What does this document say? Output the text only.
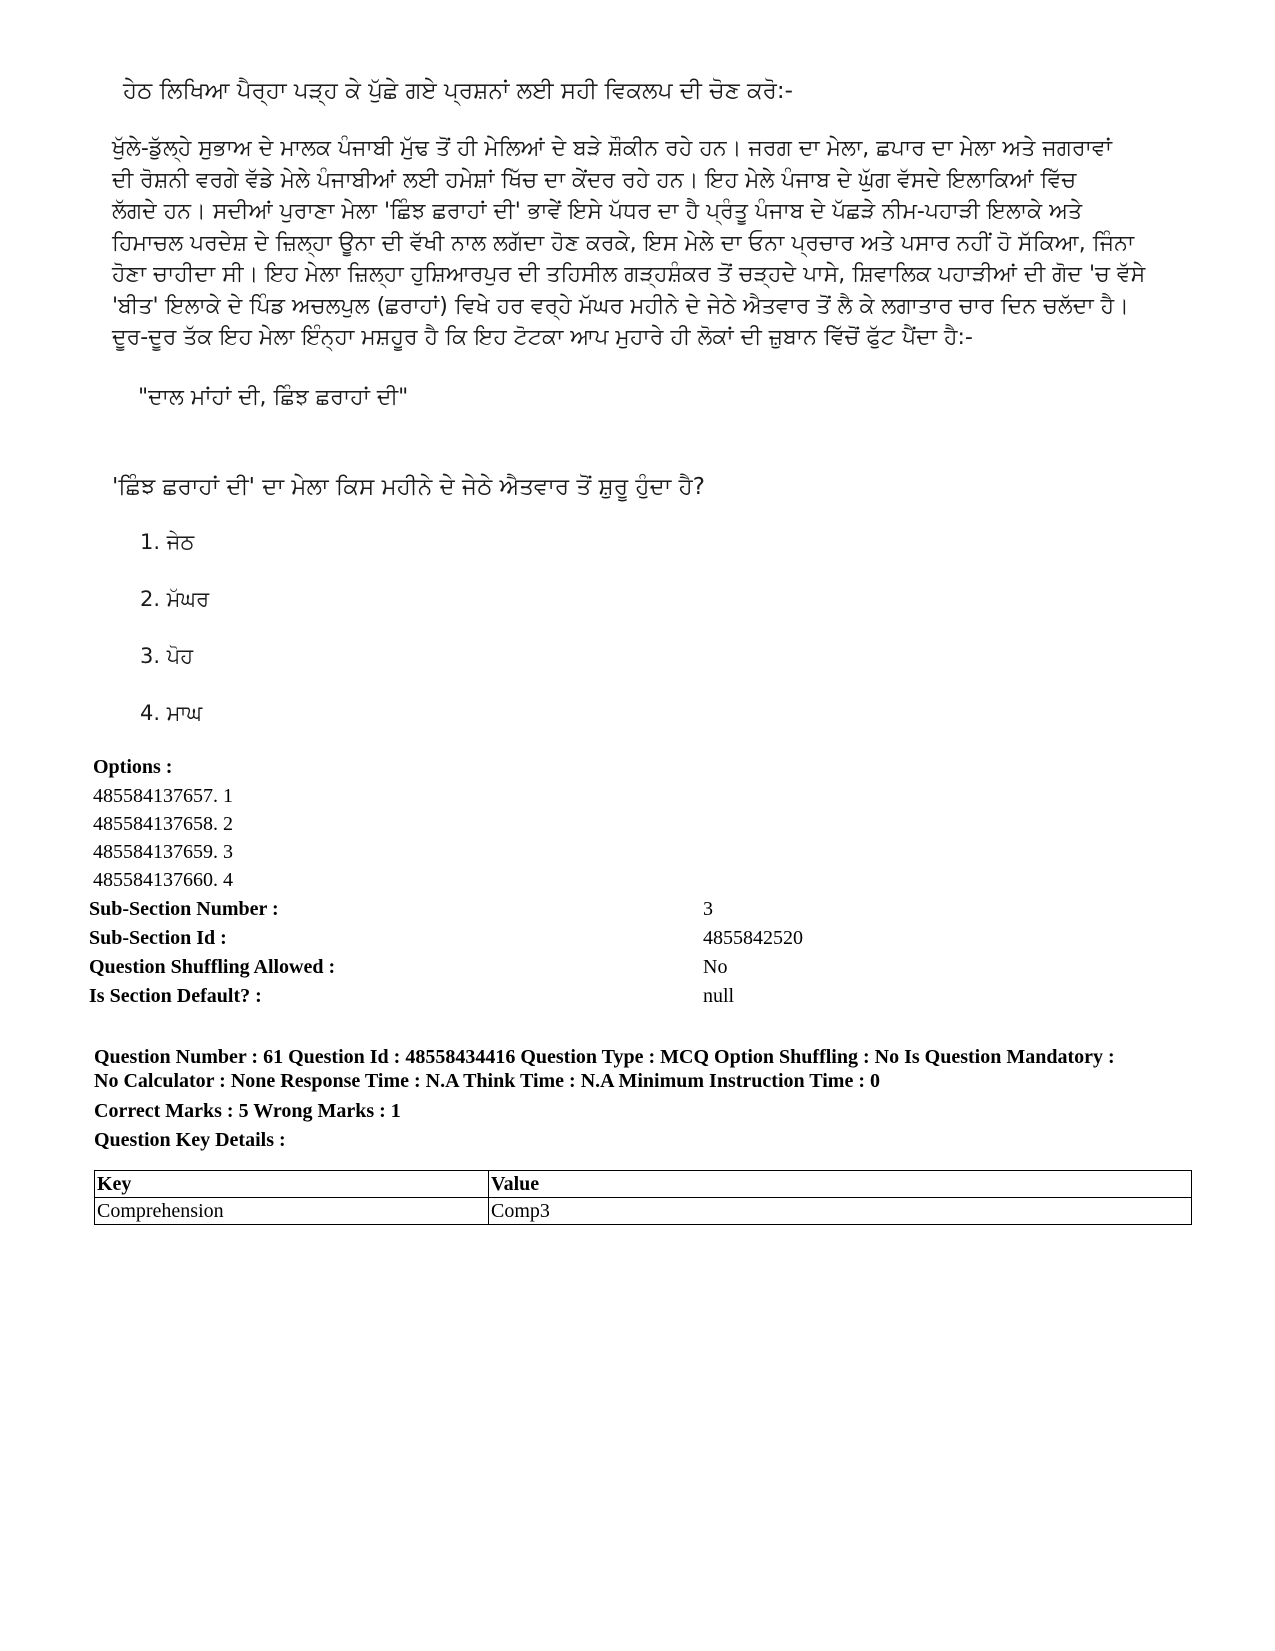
ਹੇਠ ਲਿਖਿਆ ਪੈਰ੍ਹਾ ਪੜ੍ਹ ਕੇ ਪੁੱਛੇ ਗਏ ਪ੍ਰਸ਼ਨਾਂ ਲਈ ਸਹੀ ਵਿਕਲਪ ਦੀ ਚੋਣ ਕਰੋ:-
ਖੁੱਲੇ-ਡੁੱਲ੍ਹੇ ਸੁਭਾਅ ਦੇ ਮਾਲਕ ਪੰਜਾਬੀ ਮੁੱਢ ਤੋਂ ਹੀ ਮੇਲਿਆਂ ਦੇ ਬੜੇ ਸ਼ੌਕੀਨ ਰਹੇ ਹਨ। ਜਰਗ ਦਾ ਮੇਲਾ, ਛਪਾਰ ਦਾ ਮੇਲਾ ਅਤੇ ਜਗਰਾਵਾਂ
ਦੀ ਰੋਸ਼ਨੀ ਵਰਗੇ ਵੱਡੇ ਮੇਲੇ ਪੰਜਾਬੀਆਂ ਲਈ ਹਮੇਸ਼ਾਂ ਖਿੱਚ ਦਾ ਕੇਂਦਰ ਰਹੇ ਹਨ। ਇਹ ਮੇਲੇ ਪੰਜਾਬ ਦੇ ਘੁੱਗ ਵੱਸਦੇ ਇਲਾਕਿਆਂ ਵਿੱਚ
ਲੱਗਦੇ ਹਨ। ਸਦੀਆਂ ਪੁਰਾਣਾ ਮੇਲਾ 'ਛਿੰਝ ਛਰਾਹਾਂ ਦੀ' ਭਾਵੇਂ ਇਸੇ ਪੱਧਰ ਦਾ ਹੈ ਪ੍ਰੰਤੂ ਪੰਜਾਬ ਦੇ ਪੱਛੜੇ ਨੀਮ-ਪਹਾੜੀ ਇਲਾਕੇ ਅਤੇ
ਹਿਮਾਚਲ ਪਰਦੇਸ਼ ਦੇ ਜ਼ਿਲ੍ਹਾ ਊਨਾ ਦੀ ਵੱਖੀ ਨਾਲ ਲਗੱਦਾ ਹੋਣ ਕਰਕੇ, ਇਸ ਮੇਲੇ ਦਾ ਓਨਾ ਪ੍ਰਚਾਰ ਅਤੇ ਪਸਾਰ ਨਹੀਂ ਹੋ ਸੱਕਿਆ, ਜਿੰਨਾ
ਹੋਣਾ ਚਾਹੀਦਾ ਸੀ। ਇਹ ਮੇਲਾ ਜ਼ਿਲ੍ਹਾ ਹੁਸ਼ਿਆਰਪੁਰ ਦੀ ਤਹਿਸੀਲ ਗੜ੍ਹਸ਼ੰਕਰ ਤੋਂ ਚੜ੍ਹਦੇ ਪਾਸੇ, ਸ਼ਿਵਾਲਿਕ ਪਹਾੜੀਆਂ ਦੀ ਗੋਦ 'ਚ ਵੱਸੇ
'ਬੀਤ' ਇਲਾਕੇ ਦੇ ਪਿੰਡ ਅਚਲਪੁਲ (ਛਰਾਹਾਂ) ਵਿਖੇ ਹਰ ਵਰ੍ਹੇ ਮੱਘਰ ਮਹੀਨੇ ਦੇ ਜੇਠੇ ਐਤਵਾਰ ਤੋਂ ਲੈ ਕੇ ਲਗਾਤਾਰ ਚਾਰ ਦਿਨ ਚਲੱਦਾ ਹੈ।
ਦੂਰ-ਦੂਰ ਤੱਕ ਇਹ ਮੇਲਾ ਇੰਨ੍ਹਾ ਮਸ਼ਹੂਰ ਹੈ ਕਿ ਇਹ ਟੋਟਕਾ ਆਪ ਮੁਹਾਰੇ ਹੀ ਲੋਕਾਂ ਦੀ ਜ਼ੁਬਾਨ ਵਿੱਚੋਂ ਫੁੱਟ ਪੈਂਦਾ ਹੈ:-
"ਦਾਲ ਮਾਂਹਾਂ ਦੀ, ਛਿੰਝ ਛਰਾਹਾਂ ਦੀ"
'ਛਿੰਝ ਛਰਾਹਾਂ ਦੀ' ਦਾ ਮੇਲਾ ਕਿਸ ਮਹੀਨੇ ਦੇ ਜੇਠੇ ਐਤਵਾਰ ਤੋਂ ਸ਼ੁਰੂ ਹੁੰਦਾ ਹੈ?
1. ਜੇਠ
2. ਮੱਘਰ
3. ਪੋਹ
4. ਮਾਘ
Options :
485584137657. 1
485584137658. 2
485584137659. 3
485584137660. 4
Sub-Section Number :	3
Sub-Section Id :	4855842520
Question Shuffling Allowed :	No
Is Section Default? :	null
Question Number : 61 Question Id : 48558434416 Question Type : MCQ Option Shuffling : No Is Question Mandatory :
No Calculator : None Response Time : N.A Think Time : N.A Minimum Instruction Time : 0
Correct Marks : 5 Wrong Marks : 1
Question Key Details :
Key	Value
Comprehension	Comp3
